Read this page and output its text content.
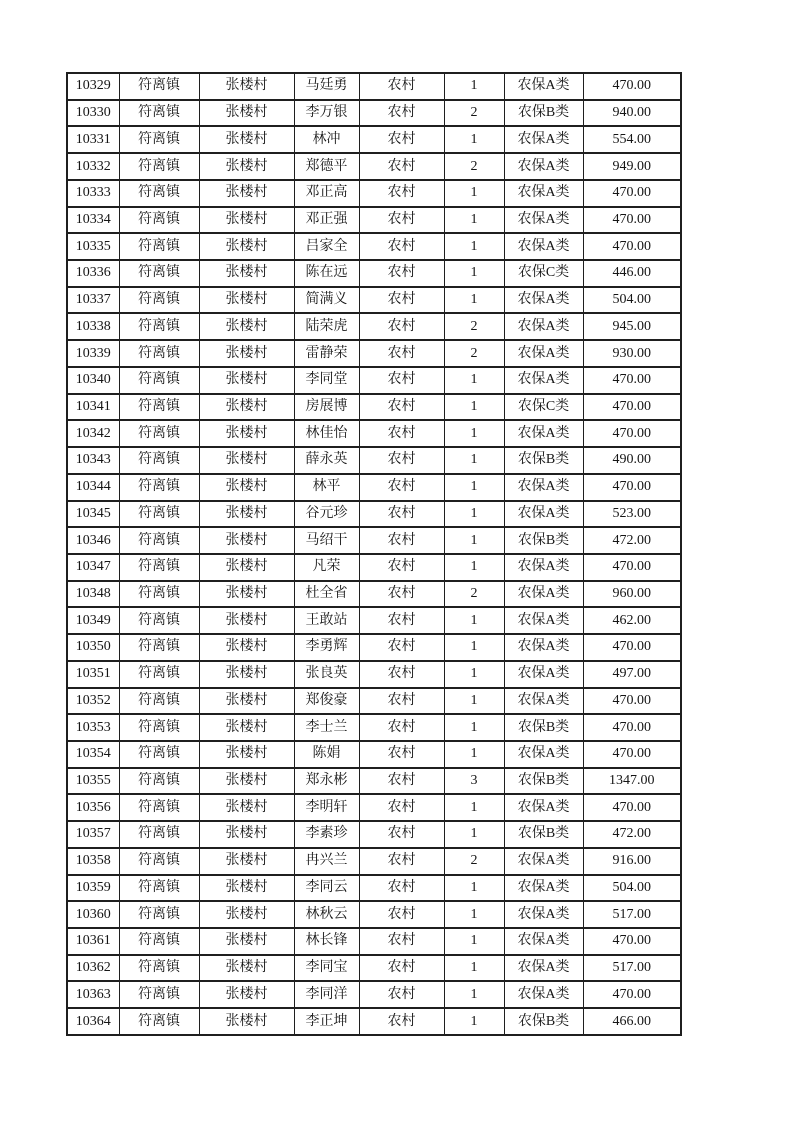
10329	符离镇	张楼村	马廷勇	农村	1	农保A类	470.00
10330	符离镇	张楼村	李万银	农村	2	农保B类	940.00
10331	符离镇	张楼村	林冲	农村	1	农保A类	554.00
10332	符离镇	张楼村	郑德平	农村	2	农保A类	949.00
10333	符离镇	张楼村	邓正高	农村	1	农保A类	470.00
10334	符离镇	张楼村	邓正强	农村	1	农保A类	470.00
10335	符离镇	张楼村	吕家全	农村	1	农保A类	470.00
10336	符离镇	张楼村	陈在远	农村	1	农保C类	446.00
10337	符离镇	张楼村	简满义	农村	1	农保A类	504.00
10338	符离镇	张楼村	陆荣虎	农村	2	农保A类	945.00
10339	符离镇	张楼村	雷静荣	农村	2	农保A类	930.00
10340	符离镇	张楼村	李同堂	农村	1	农保A类	470.00
10341	符离镇	张楼村	房展博	农村	1	农保C类	470.00
10342	符离镇	张楼村	林佳怡	农村	1	农保A类	470.00
10343	符离镇	张楼村	薛永英	农村	1	农保B类	490.00
10344	符离镇	张楼村	林平	农村	1	农保A类	470.00
10345	符离镇	张楼村	谷元珍	农村	1	农保A类	523.00
10346	符离镇	张楼村	马绍干	农村	1	农保B类	472.00
10347	符离镇	张楼村	凡荣	农村	1	农保A类	470.00
10348	符离镇	张楼村	杜全省	农村	2	农保A类	960.00
10349	符离镇	张楼村	王敢站	农村	1	农保A类	462.00
10350	符离镇	张楼村	李勇辉	农村	1	农保A类	470.00
10351	符离镇	张楼村	张良英	农村	1	农保A类	497.00
10352	符离镇	张楼村	郑俊豪	农村	1	农保A类	470.00
10353	符离镇	张楼村	李士兰	农村	1	农保B类	470.00
10354	符离镇	张楼村	陈娟	农村	1	农保A类	470.00
10355	符离镇	张楼村	郑永彬	农村	3	农保B类	1347.00
10356	符离镇	张楼村	李明轩	农村	1	农保A类	470.00
10357	符离镇	张楼村	李素珍	农村	1	农保B类	472.00
10358	符离镇	张楼村	冉兴兰	农村	2	农保A类	916.00
10359	符离镇	张楼村	李同云	农村	1	农保A类	504.00
10360	符离镇	张楼村	林秋云	农村	1	农保A类	517.00
10361	符离镇	张楼村	林长锋	农村	1	农保A类	470.00
10362	符离镇	张楼村	李同宝	农村	1	农保A类	517.00
10363	符离镇	张楼村	李同洋	农村	1	农保A类	470.00
10364	符离镇	张楼村	李正坤	农村	1	农保B类	466.00
